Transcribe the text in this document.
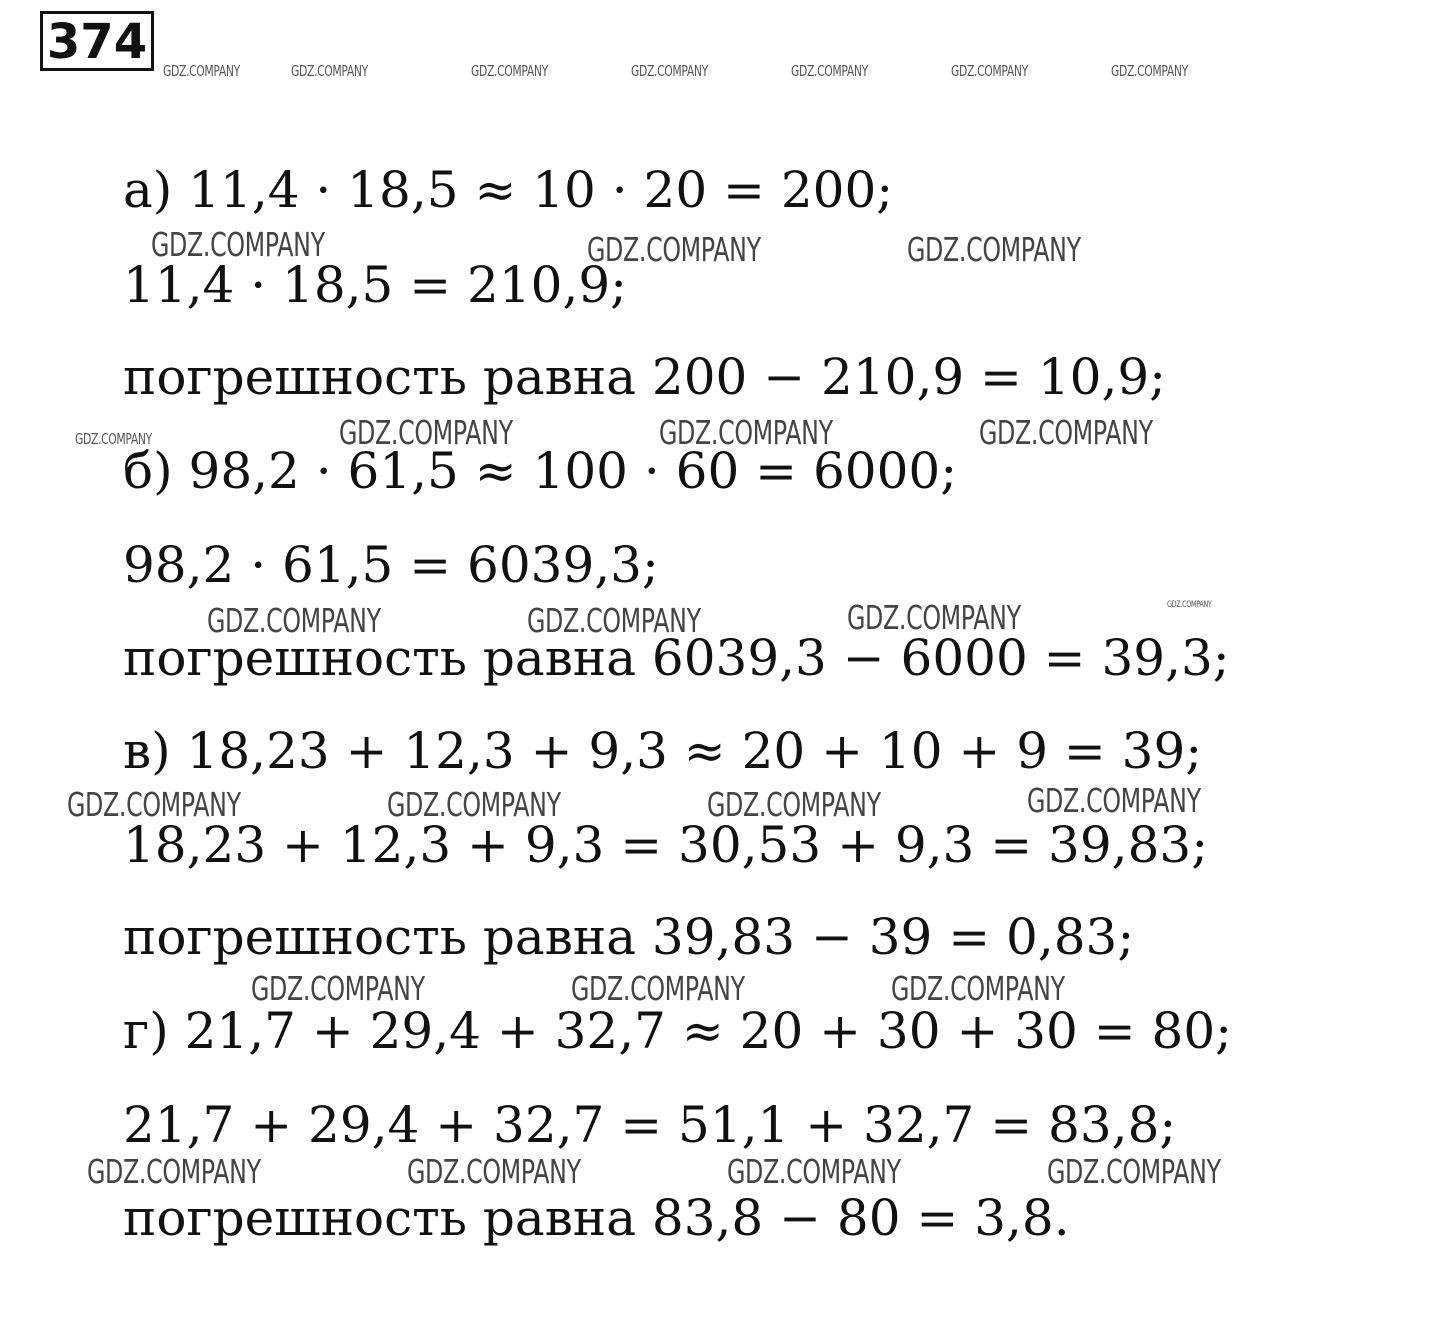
374
GDZ.COMPANY	GDZ.COMPANY	GDZ.COMPANY	GDZ.COMPANY	GDZ.COMPANY	GDZ.COMPANY	GDZ.COMPANY
а) 11,4 · 18,5 ≈ 10 · 20 = 200;
11,4 · 18,5 = 210,9;
погрешность равна 200 − 210,9 = 10,9;
б) 98,2 · 61,5 ≈ 100 · 60 = 6000;
98,2 · 61,5 = 6039,3;
погрешность равна 6039,3 − 6000 = 39,3;
в) 18,23 + 12,3 + 9,3 ≈ 20 + 10 + 9 = 39;
18,23 + 12,3 + 9,3 = 30,53 + 9,3 = 39,83;
погрешность равна 39,83 − 39 = 0,83;
г) 21,7 + 29,4 + 32,7 ≈ 20 + 30 + 30 = 80;
21,7 + 29,4 + 32,7 = 51,1 + 32,7 = 83,8;
погрешность равна 83,8 − 80 = 3,8.
GDZ.COMPANY	GDZ.COMPANY	GDZ.COMPANY
GDZ.COMPANY	GDZ.COMPANY	GDZ.COMPANY	GDZ.COMPANY
GDZ.COMPANY	GDZ.COMPANY	GDZ.COMPANY	GDZ.COMPANY
GDZ.COMPANY	GDZ.COMPANY	GDZ.COMPANY	GDZ.COMPANY
GDZ.COMPANY	GDZ.COMPANY	GDZ.COMPANY
GDZ.COMPANY	GDZ.COMPANY	GDZ.COMPANY	GDZ.COMPANY
